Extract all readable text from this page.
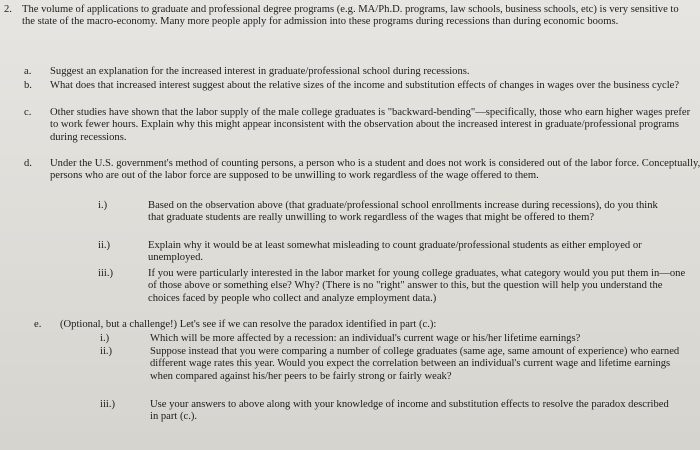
2. The volume of applications to graduate and professional degree programs (e.g. MA/Ph.D. programs, law schools, business schools, etc) is very sensitive to the state of the macro-economy. Many more people apply for admission into these programs during recessions than during economic booms.
a. Suggest an explanation for the increased interest in graduate/professional school during recessions.
b. What does that increased interest suggest about the relative sizes of the income and substitution effects of changes in wages over the business cycle?
c. Other studies have shown that the labor supply of the male college graduates is "backward-bending"—specifically, those who earn higher wages prefer to work fewer hours. Explain why this might appear inconsistent with the observation about the increased interest in graduate/professional programs during recessions.
d. Under the U.S. government's method of counting persons, a person who is a student and does not work is considered out of the labor force. Conceptually, persons who are out of the labor force are supposed to be unwilling to work regardless of the wage offered to them.
i.)	Based on the observation above (that graduate/professional school enrollments increase during recessions), do you think that graduate students are really unwilling to work regardless of the wages that might be offered to them?
ii.)	Explain why it would be at least somewhat misleading to count graduate/professional students as either employed or unemployed.
iii.)	If you were particularly interested in the labor market for young college graduates, what category would you put them in—one of those above or something else? Why? (There is no "right" answer to this, but the question will help you understand the choices faced by people who collect and analyze employment data.)
e. (Optional, but a challenge!) Let's see if we can resolve the paradox identified in part (c.):
i.)	Which will be more affected by a recession: an individual's current wage or his/her lifetime earnings?
ii.)	Suppose instead that you were comparing a number of college graduates (same age, same amount of experience) who earned different wage rates this year. Would you expect the correlation between an individual's current wage and lifetime earnings when compared against his/her peers to be fairly strong or fairly weak?
iii.)	Use your answers to above along with your knowledge of income and substitution effects to resolve the paradox described in part (c.).
